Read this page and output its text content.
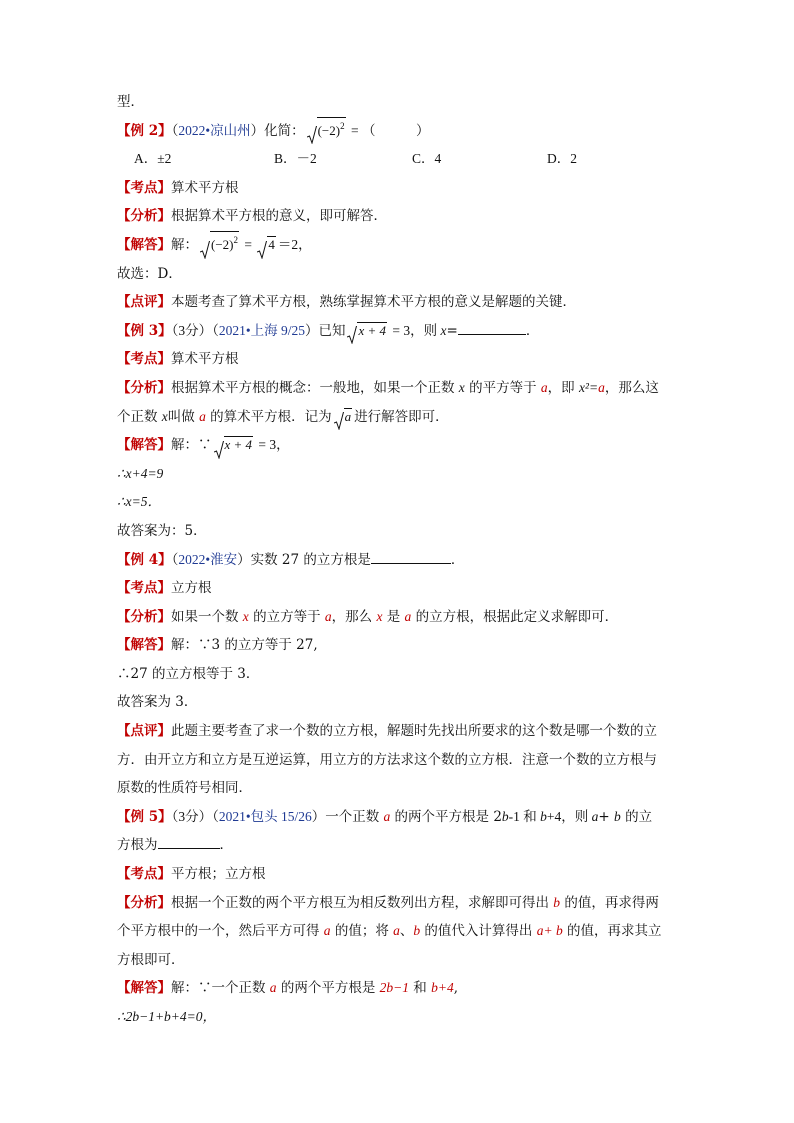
型．
【例 2】（2022•凉山州）化简： $(-2)^2$ = （　　　）
A．±2	B．－2	C．4	D．2
【考点】算术平方根
【分析】根据算术平方根的意义，即可解答．
【解答】解： $(-2)^2$ =
4 ＝2，
故选：D．
【点评】本题考查了算术平方根，熟练掌握算术平方根的意义是解题的关键．
【例 3】（3分）（2021•上海 9/25）已知 x + 4 = 3，则 x=	．
【考点】算术平方根
【分析】根据算术平方根的概念：一般地，如果一个正数 x 的平方等于 a，即 x²=a，那么这
个正数 x叫做 a 的算术平方根．记为 a 进行解答即可．
【解答】解：∵ x + 4 = 3，
∴x+4=9
∴x=5．
故答案为：5．
【例 4】（2022•淮安）实数 27 的立方根是	．
【考点】立方根
【分析】如果一个数 x 的立方等于 a，那么 x 是 a 的立方根，根据此定义求解即可．
【解答】解：∵3 的立方等于 27,
∴27 的立方根等于 3．
故答案为 3．
【点评】此题主要考查了求一个数的立方根，解题时先找出所要求的这个数是哪一个数的立
方．由开立方和立方是互逆运算，用立方的方法求这个数的立方根．注意一个数的立方根与
原数的性质符号相同．
【例 5】（3分）（2021•包头 15/26）一个正数 a 的两个平方根是 2b-1 和 b+4，则 a+ b 的立
方根为	．
【考点】平方根；立方根
【分析】根据一个正数的两个平方根互为相反数列出方程，求解即可得出 b 的值，再求得两
个平方根中的一个，然后平方可得 a 的值；将 a、b 的值代入计算得出 a+ b 的值，再求其立
方根即可．
【解答】解：∵一个正数 a 的两个平方根是 2b−1 和 b+4,
∴2b−1+b+4=0，
